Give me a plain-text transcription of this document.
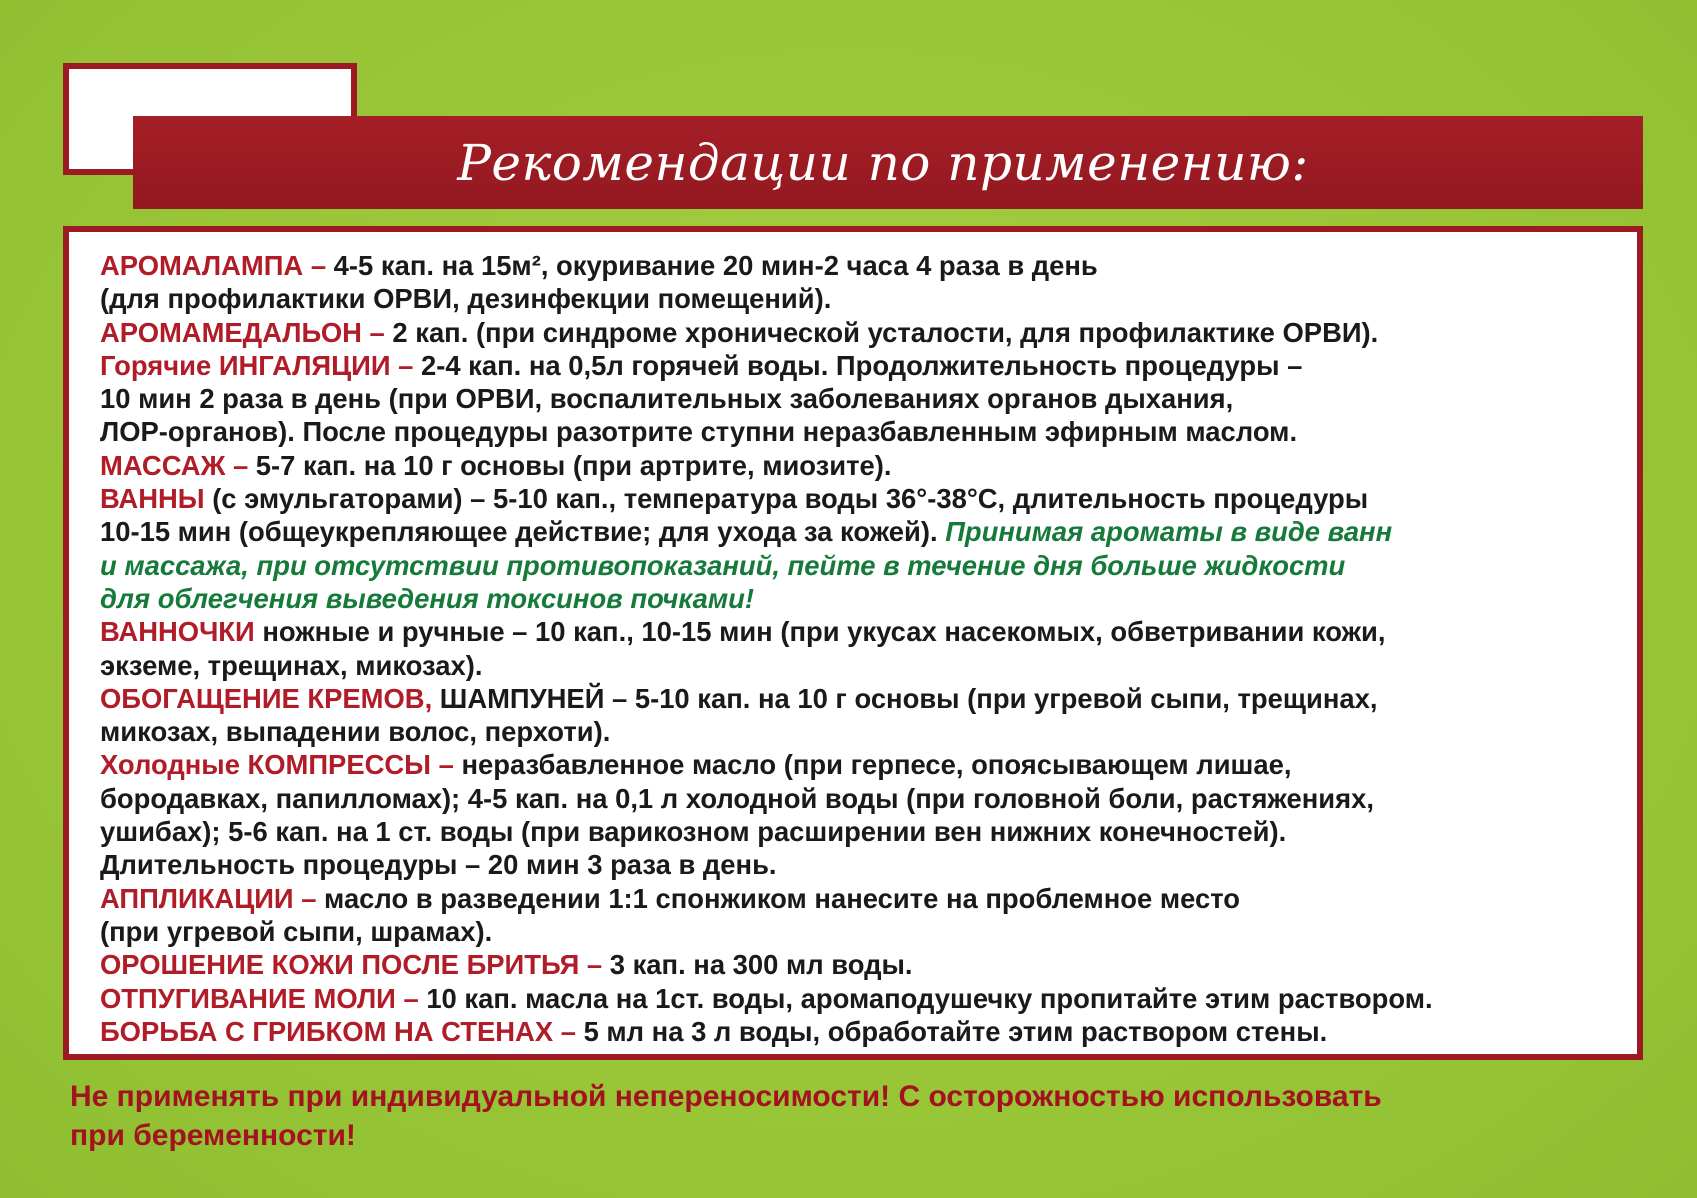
Рекомендации по применению:
АРОМАЛАМПА – 4-5 кап. на 15м², окуривание 20 мин-2 часа 4 раза в день
(для профилактики ОРВИ, дезинфекции помещений).
АРОМАМЕДАЛЬОН – 2 кап. (при синдроме хронической усталости, для профилактике ОРВИ).
Горячие ИНГАЛЯЦИИ – 2-4 кап. на 0,5л горячей воды. Продолжительность процедуры –
10 мин 2 раза в день (при ОРВИ, воспалительных заболеваниях органов дыхания,
ЛОР-органов). После процедуры разотрите ступни неразбавленным эфирным маслом.
МАССАЖ – 5-7 кап. на 10 г основы (при артрите, миозите).
ВАННЫ (с эмульгаторами) – 5-10 кап., температура воды 36°-38°С, длительность процедуры
10-15 мин (общеукрепляющее действие; для ухода за кожей). Принимая ароматы в виде ванн
и массажа, при отсутствии противопоказаний, пейте в течение дня больше жидкости
для облегчения выведения токсинов почками!
ВАННОЧКИ ножные и ручные – 10 кап., 10-15 мин (при укусах насекомых, обветривании кожи,
экземе, трещинах, микозах).
ОБОГАЩЕНИЕ КРЕМОВ, ШАМПУНЕЙ – 5-10 кап. на 10 г основы (при угревой сыпи, трещинах,
микозах, выпадении волос, перхоти).
Холодные КОМПРЕССЫ – неразбавленное масло (при герпесе, опоясывающем лишае,
бородавках, папилломах); 4-5 кап. на 0,1 л холодной воды (при головной боли, растяжениях,
ушибах); 5-6 кап. на 1 ст. воды (при варикозном расширении вен нижних конечностей).
Длительность процедуры – 20 мин 3 раза в день.
АППЛИКАЦИИ – масло в разведении 1:1 спонжиком нанесите на проблемное место
(при угревой сыпи, шрамах).
ОРОШЕНИЕ КОЖИ ПОСЛЕ БРИТЬЯ – 3 кап. на 300 мл воды.
ОТПУГИВАНИЕ МОЛИ – 10 кап. масла на 1ст. воды, аромаподушечку пропитайте этим раствором.
БОРЬБА С ГРИБКОМ НА СТЕНАХ – 5 мл на 3 л воды, обработайте этим раствором стены.
Не применять при индивидуальной непереносимости! С осторожностью использовать
при беременности!
